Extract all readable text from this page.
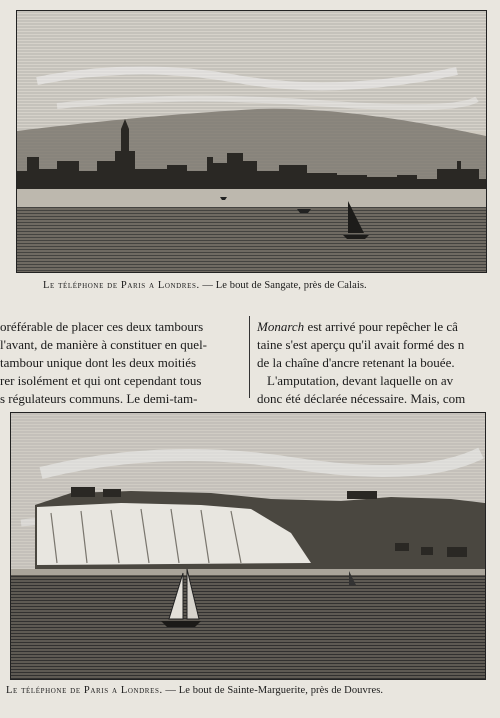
Le téléphone de Paris a Londres. — Le bout de Sangate, près de Calais.
oréférable de placer ces deux tambours
l'avant, de manière à constituer en quel-
tambour unique dont les deux moitiés
rer isolément et qui ont cependant tous
s régulateurs communs. Le demi-tam-
Monarch est arrivé pour repêcher le câ
taine s'est aperçu qu'il avait formé des n
de la chaîne d'ancre retenant la bouée.
L'amputation, devant laquelle on av
donc été déclarée nécessaire. Mais, com
Le téléphone de Paris a Londres. — Le bout de Sainte-Marguerite, près de Douvres.
